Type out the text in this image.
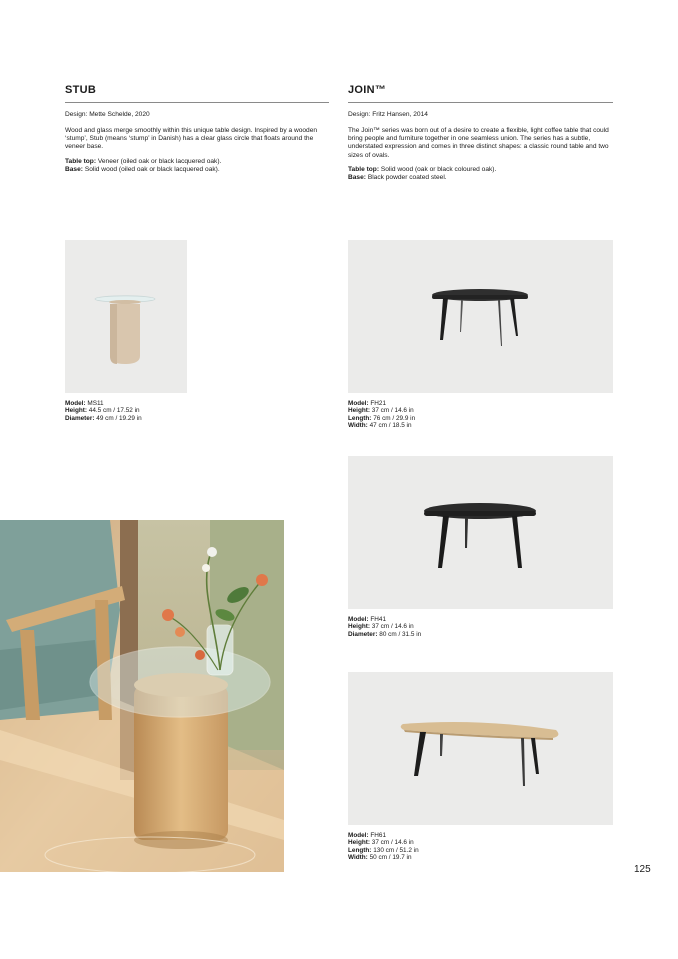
STUB
Design: Mette Schelde, 2020
Wood and glass merge smoothly within this unique table design. Inspired by a wooden ‘stump’, Stub (means ‘stump’ in Danish) has a clear glass circle that floats around the veneer base.
Table top: Veneer (oiled oak or black lacquered oak).
Base: Solid wood (oiled oak or black lacquered oak).
JOIN™
Design: Fritz Hansen, 2014
The Join™ series was born out of a desire to create a flexible, light coffee table that could bring people and furniture together in one seamless union. The series has a subtle, understated expression and comes in three distinct shapes: a classic round table and two sizes of ovals.
Table top: Solid wood (oak or black coloured oak).
Base: Black powder coated steel.
Model: MS11
Height: 44.5 cm / 17.52 in
Diameter: 49 cm / 19.29 in
Model: FH21
Height: 37 cm / 14.6 in
Length: 76 cm / 29.9 in
Width: 47 cm / 18.5 in
Model: FH41
Height: 37 cm / 14.6 in
Diameter: 80 cm / 31.5 in
Model: FH61
Height: 37 cm / 14.6 in
Length: 130 cm / 51.2 in
Width: 50 cm / 19.7 in
125
